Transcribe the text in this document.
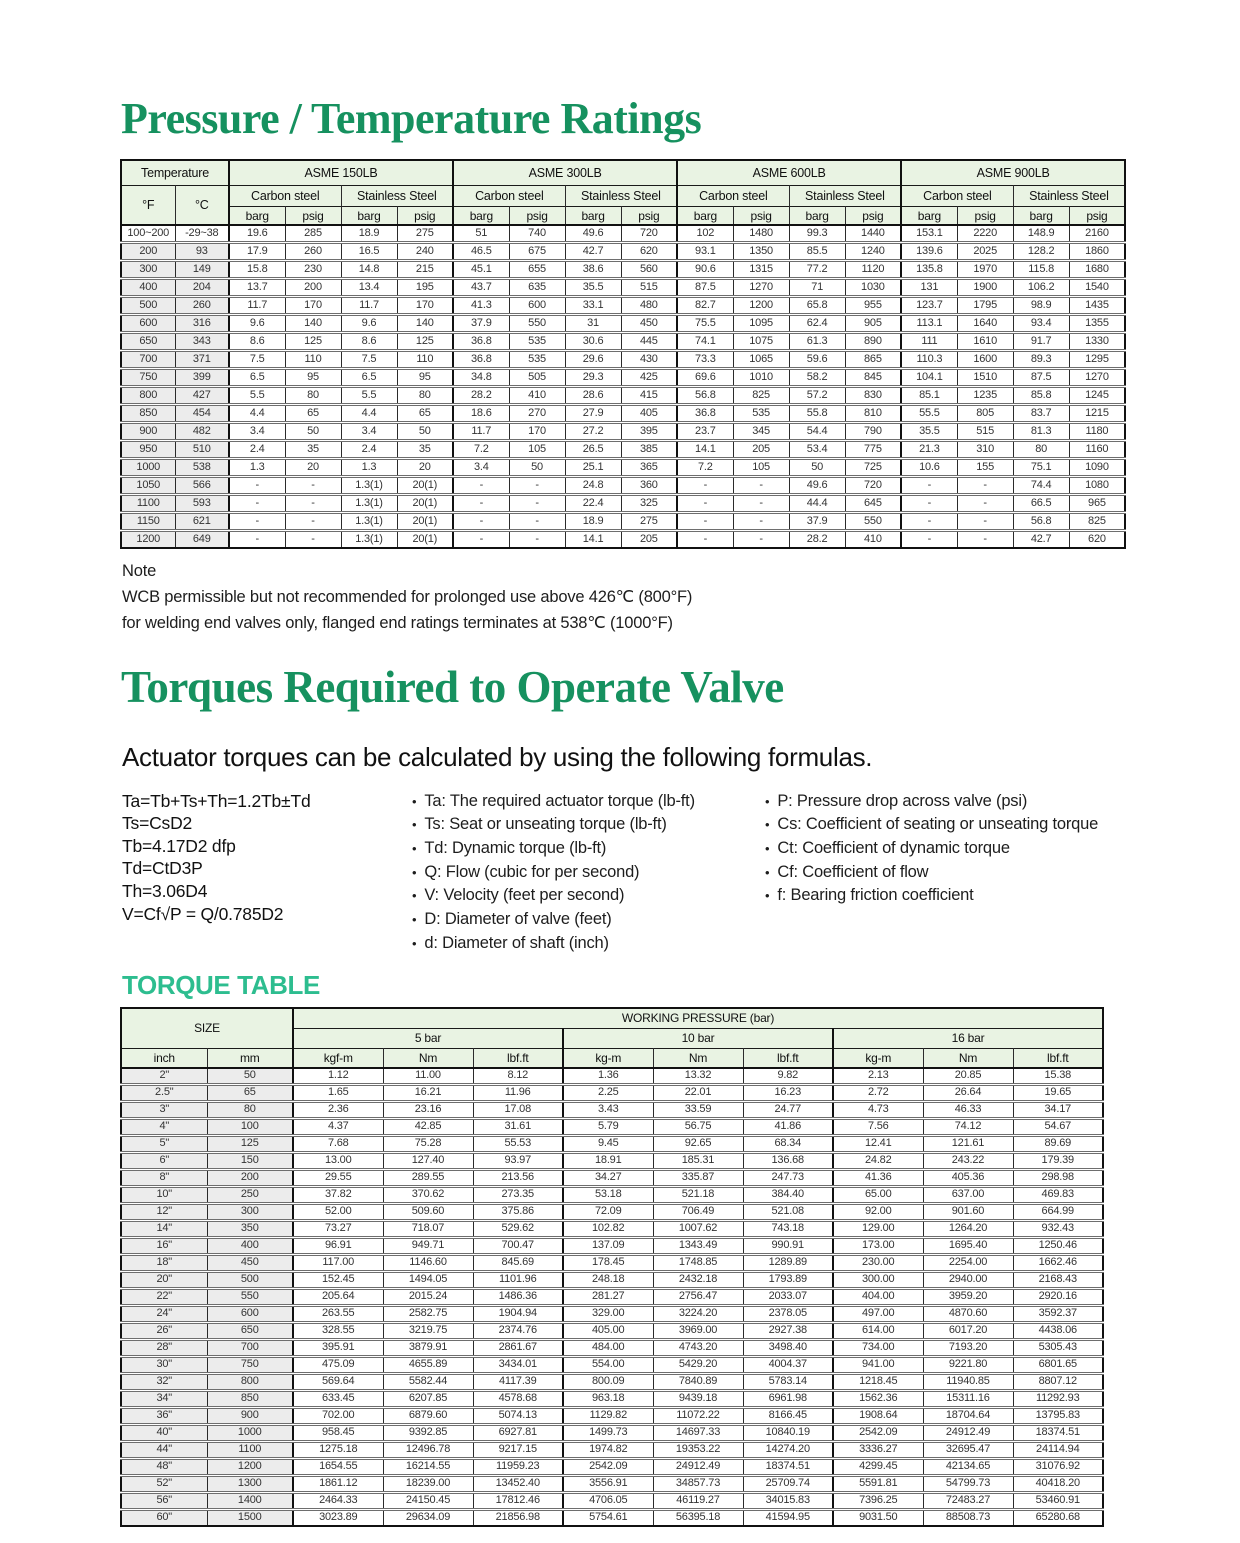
Pressure / Temperature Ratings
Temperature		ASME 150LB				ASME 300LB				ASME 600LB				ASME 900LB			
°F	°C	Carbon steel		Stainless Steel		Carbon steel		Stainless Steel		Carbon steel		Stainless Steel		Carbon steel		Stainless Steel	
		barg	psig	barg	psig	barg	psig	barg	psig	barg	psig	barg	psig	barg	psig	barg	psig
100~200	-29~38	19.6	285	18.9	275	51	740	49.6	720	102	1480	99.3	1440	153.1	2220	148.9	2160
200	93	17.9	260	16.5	240	46.5	675	42.7	620	93.1	1350	85.5	1240	139.6	2025	128.2	1860
300	149	15.8	230	14.8	215	45.1	655	38.6	560	90.6	1315	77.2	1120	135.8	1970	115.8	1680
400	204	13.7	200	13.4	195	43.7	635	35.5	515	87.5	1270	71	1030	131	1900	106.2	1540
500	260	11.7	170	11.7	170	41.3	600	33.1	480	82.7	1200	65.8	955	123.7	1795	98.9	1435
600	316	9.6	140	9.6	140	37.9	550	31	450	75.5	1095	62.4	905	113.1	1640	93.4	1355
650	343	8.6	125	8.6	125	36.8	535	30.6	445	74.1	1075	61.3	890	111	1610	91.7	1330
700	371	7.5	110	7.5	110	36.8	535	29.6	430	73.3	1065	59.6	865	110.3	1600	89.3	1295
750	399	6.5	95	6.5	95	34.8	505	29.3	425	69.6	1010	58.2	845	104.1	1510	87.5	1270
800	427	5.5	80	5.5	80	28.2	410	28.6	415	56.8	825	57.2	830	85.1	1235	85.8	1245
850	454	4.4	65	4.4	65	18.6	270	27.9	405	36.8	535	55.8	810	55.5	805	83.7	1215
900	482	3.4	50	3.4	50	11.7	170	27.2	395	23.7	345	54.4	790	35.5	515	81.3	1180
950	510	2.4	35	2.4	35	7.2	105	26.5	385	14.1	205	53.4	775	21.3	310	80	1160
1000	538	1.3	20	1.3	20	3.4	50	25.1	365	7.2	105	50	725	10.6	155	75.1	1090
1050	566	-	-	1.3(1)	20(1)	-	-	24.8	360	-	-	49.6	720	-	-	74.4	1080
1100	593	-	-	1.3(1)	20(1)	-	-	22.4	325	-	-	44.4	645	-	-	66.5	965
1150	621	-	-	1.3(1)	20(1)	-	-	18.9	275	-	-	37.9	550	-	-	56.8	825
1200	649	-	-	1.3(1)	20(1)	-	-	14.1	205	-	-	28.2	410	-	-	42.7	620
Note
WCB permissible but not recommended for prolonged use above 426℃ (800°F)
for welding end valves only, flanged end ratings terminates at 538℃ (1000°F)
Torques Required to Operate Valve
Actuator torques can be calculated by using the following formulas.
Ta=Tb+Ts+Th=1.2Tb±Td
Ts=CsD2
Tb=4.17D2 dfp
Td=CtD3P
Th=3.06D4
V=Cf√P = Q/0.785D2
• Ta: The required actuator torque (lb-ft)
• Ts: Seat or unseating torque (lb-ft)
• Td: Dynamic torque (lb-ft)
• Q: Flow (cubic for per second)
• V: Velocity (feet per second)
• D: Diameter of valve (feet)
• d: Diameter of shaft (inch)
• P: Pressure drop across valve (psi)
• Cs: Coefficient of seating or unseating torque
• Ct: Coefficient of dynamic torque
• Cf: Coefficient of flow
• f: Bearing friction coefficient
TORQUE TABLE
SIZE		WORKING PRESSURE (bar)								
		5 bar			10 bar			16 bar		
inch	mm	kgf-m	Nm	lbf.ft	kg-m	Nm	lbf.ft	kg-m	Nm	lbf.ft
2"	50	1.12	11.00	8.12	1.36	13.32	9.82	2.13	20.85	15.38
2.5"	65	1.65	16.21	11.96	2.25	22.01	16.23	2.72	26.64	19.65
3"	80	2.36	23.16	17.08	3.43	33.59	24.77	4.73	46.33	34.17
4"	100	4.37	42.85	31.61	5.79	56.75	41.86	7.56	74.12	54.67
5"	125	7.68	75.28	55.53	9.45	92.65	68.34	12.41	121.61	89.69
6"	150	13.00	127.40	93.97	18.91	185.31	136.68	24.82	243.22	179.39
8"	200	29.55	289.55	213.56	34.27	335.87	247.73	41.36	405.36	298.98
10"	250	37.82	370.62	273.35	53.18	521.18	384.40	65.00	637.00	469.83
12"	300	52.00	509.60	375.86	72.09	706.49	521.08	92.00	901.60	664.99
14"	350	73.27	718.07	529.62	102.82	1007.62	743.18	129.00	1264.20	932.43
16"	400	96.91	949.71	700.47	137.09	1343.49	990.91	173.00	1695.40	1250.46
18"	450	117.00	1146.60	845.69	178.45	1748.85	1289.89	230.00	2254.00	1662.46
20"	500	152.45	1494.05	1101.96	248.18	2432.18	1793.89	300.00	2940.00	2168.43
22"	550	205.64	2015.24	1486.36	281.27	2756.47	2033.07	404.00	3959.20	2920.16
24"	600	263.55	2582.75	1904.94	329.00	3224.20	2378.05	497.00	4870.60	3592.37
26"	650	328.55	3219.75	2374.76	405.00	3969.00	2927.38	614.00	6017.20	4438.06
28"	700	395.91	3879.91	2861.67	484.00	4743.20	3498.40	734.00	7193.20	5305.43
30"	750	475.09	4655.89	3434.01	554.00	5429.20	4004.37	941.00	9221.80	6801.65
32"	800	569.64	5582.44	4117.39	800.09	7840.89	5783.14	1218.45	11940.85	8807.12
34"	850	633.45	6207.85	4578.68	963.18	9439.18	6961.98	1562.36	15311.16	11292.93
36"	900	702.00	6879.60	5074.13	1129.82	11072.22	8166.45	1908.64	18704.64	13795.83
40"	1000	958.45	9392.85	6927.81	1499.73	14697.33	10840.19	2542.09	24912.49	18374.51
44"	1100	1275.18	12496.78	9217.15	1974.82	19353.22	14274.20	3336.27	32695.47	24114.94
48"	1200	1654.55	16214.55	11959.23	2542.09	24912.49	18374.51	4299.45	42134.65	31076.92
52"	1300	1861.12	18239.00	13452.40	3556.91	34857.73	25709.74	5591.81	54799.73	40418.20
56"	1400	2464.33	24150.45	17812.46	4706.05	46119.27	34015.83	7396.25	72483.27	53460.91
60"	1500	3023.89	29634.09	21856.98	5754.61	56395.18	41594.95	9031.50	88508.73	65280.68
